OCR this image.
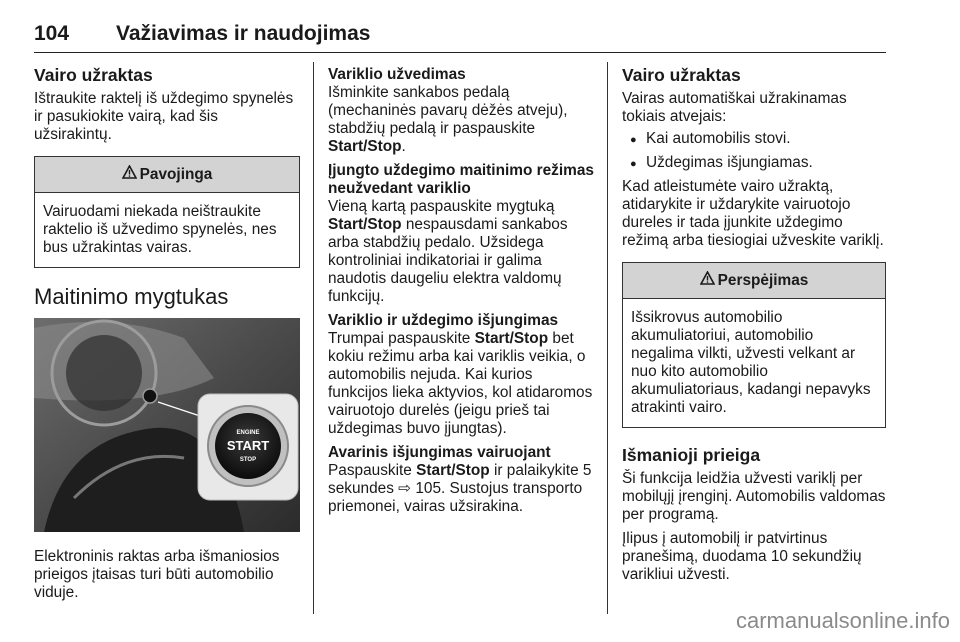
104 Važiavimas ir naudojimas
Vairo užraktas

Ištraukite raktelį iš uždegimo spynelės ir pasukiokite vairą, kad šis užsirakintų.

Pavojinga
Vairuodami niekada neištraukite raktelio iš užvedimo spynelės, nes bus užrakintas vairas.
Maitinimo mygtukas
ENGINE
START
STOP

Elektroninis raktas arba išmaniosios prieigos įtaisas turi būti automobilio viduje.

Variklio užvedimas

Išminkite sankabos pedalą (mechaninės pavarų dėžės atveju), stabdžių pedalą ir paspauskite Start/Stop.

Įjungto uždegimo maitinimo režimas neužvedant variklio

Vieną kartą paspauskite mygtuką Start/Stop nespausdami sankabos arba stabdžių pedalo. Užsidega kontroliniai indikatoriai ir galima naudotis daugeliu elektra valdomų funkcijų.

Variklio ir uždegimo išjungimas

Trumpai paspauskite Start/Stop bet kokiu režimu arba kai variklis veikia, o automobilis nejuda. Kai kurios funkcijos lieka aktyvios, kol atidaromos vairuotojo durelės (jeigu prieš tai uždegimas buvo įjungtas).

Avarinis išjungimas vairuojant

Paspauskite Start/Stop ir palaikykite 5 sekundes ⇨ 105. Sustojus transporto priemonei, vairas užsirakina.

Vairo užraktas

Vairas automatiškai užrakinamas tokiais atvejais:

● Kai automobilis stovi.
● Uždegimas išjungiamas.

Kad atleistumėte vairo užraktą, atidarykite ir uždarykite vairuotojo dureles ir tada įjunkite uždegimo režimą arba tiesiogiai užveskite variklį.

Perspėjimas
Išsikrovus automobilio akumuliatoriui, automobilio negalima vilkti, užvesti velkant ar nuo kito automobilio akumuliatoriaus, kadangi nepavyks atrakinti vairo.
Išmanioji prieiga

Ši funkcija leidžia užvesti variklį per mobilųjį įrenginį. Automobilis valdomas per programą.

Įlipus į automobilį ir patvirtinus pranešimą, duodama 10 sekundžių varikliui užvesti.

carmanualsonline.info
